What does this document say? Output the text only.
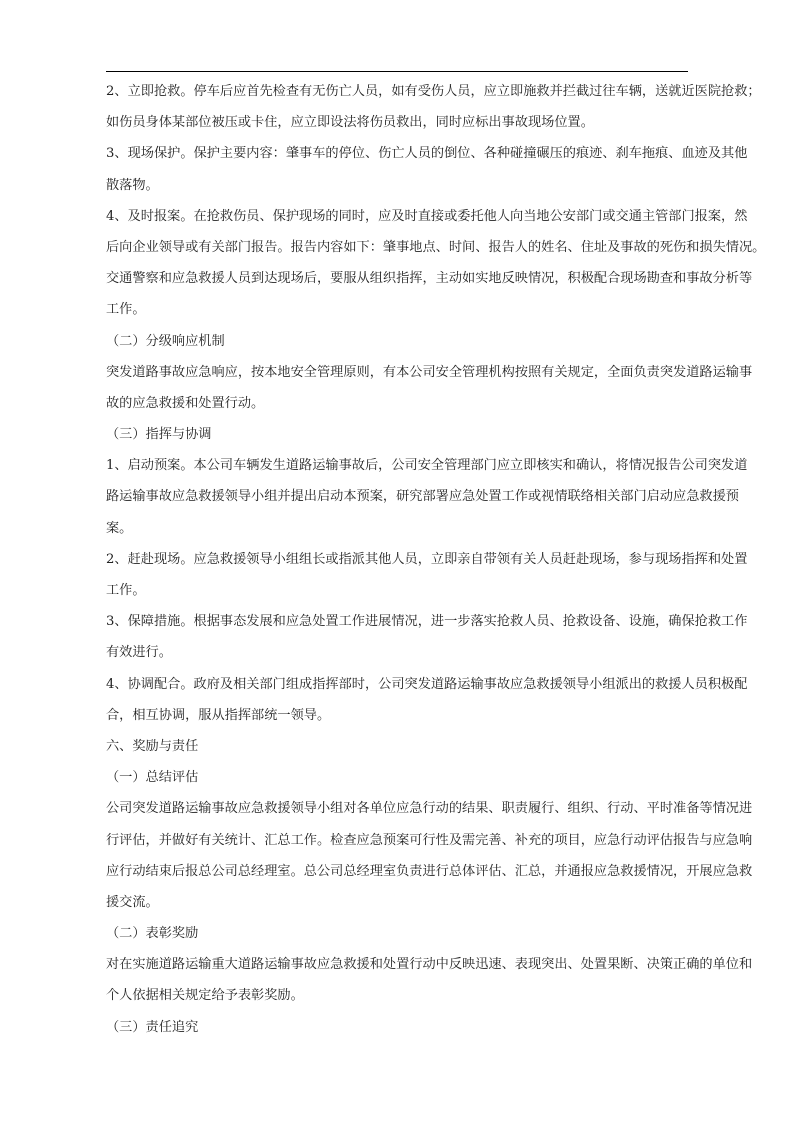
2、立即抢救。停车后应首先检查有无伤亡人员，如有受伤人员，应立即施救并拦截过往车辆，送就近医院抢救；
如伤员身体某部位被压或卡住，应立即设法将伤员救出，同时应标出事故现场位置。
3、现场保护。保护主要内容：肇事车的停位、伤亡人员的倒位、各种碰撞碾压的痕迹、刹车拖痕、血迹及其他
散落物。
4、及时报案。在抢救伤员、保护现场的同时，应及时直接或委托他人向当地公安部门或交通主管部门报案，然
后向企业领导或有关部门报告。报告内容如下：肇事地点、时间、报告人的姓名、住址及事故的死伤和损失情况。
交通警察和应急救援人员到达现场后，要服从组织指挥，主动如实地反映情况，积极配合现场勘查和事故分析等
工作。
（二）分级响应机制
突发道路事故应急响应，按本地安全管理原则，有本公司安全管理机构按照有关规定，全面负责突发道路运输事
故的应急救援和处置行动。
（三）指挥与协调
1、启动预案。本公司车辆发生道路运输事故后，公司安全管理部门应立即核实和确认，将情况报告公司突发道
路运输事故应急救援领导小组并提出启动本预案，研究部署应急处置工作或视情联络相关部门启动应急救援预
案。
2、赶赴现场。应急救援领导小组组长或指派其他人员，立即亲自带领有关人员赶赴现场，参与现场指挥和处置
工作。
3、保障措施。根据事态发展和应急处置工作进展情况，进一步落实抢救人员、抢救设备、设施，确保抢救工作
有效进行。
4、协调配合。政府及相关部门组成指挥部时，公司突发道路运输事故应急救援领导小组派出的救援人员积极配
合，相互协调，服从指挥部统一领导。
六、奖励与责任
（一）总结评估
公司突发道路运输事故应急救援领导小组对各单位应急行动的结果、职责履行、组织、行动、平时准备等情况进
行评估，并做好有关统计、汇总工作。检查应急预案可行性及需完善、补充的项目，应急行动评估报告与应急响
应行动结束后报总公司总经理室。总公司总经理室负责进行总体评估、汇总，并通报应急救援情况，开展应急救
援交流。
（二）表彰奖励
对在实施道路运输重大道路运输事故应急救援和处置行动中反映迅速、表现突出、处置果断、决策正确的单位和
个人依据相关规定给予表彰奖励。
（三）责任追究
